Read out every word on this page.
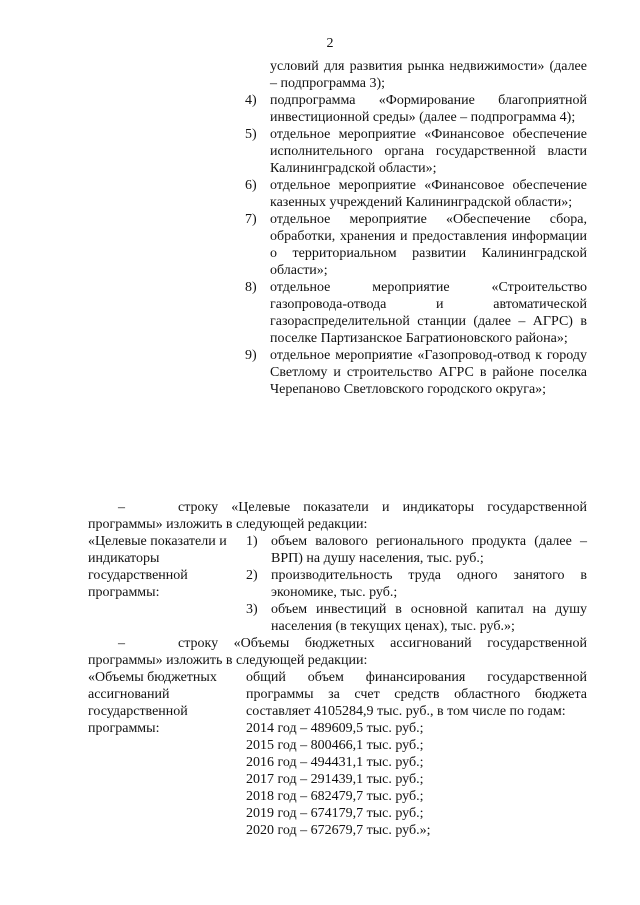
2
условий для развития рынка недвижимости» (далее – подпрограмма 3);
4) подпрограмма «Формирование благоприятной инвестиционной среды» (далее – подпрограмма 4);
5) отдельное мероприятие «Финансовое обеспечение исполнительного органа государственной власти Калининградской области»;
6) отдельное мероприятие «Финансовое обеспечение казенных учреждений Калининградской области»;
7) отдельное мероприятие «Обеспечение сбора, обработки, хранения и предоставления информации о территориальном развитии Калининградской области»;
8) отдельное мероприятие «Строительство газопровода-отвода и автоматической газораспределительной станции (далее – АГРС) в поселке Партизанское Багратионовского района»;
9) отдельное мероприятие «Газопровод-отвод к городу Светлому и строительство АГРС в районе поселка Черепаново Светловского городского округа»;
–	строку «Целевые показатели и индикаторы государственной программы» изложить в следующей редакции:
«Целевые показатели и индикаторы государственной программы:
1) объем валового регионального продукта (далее – ВРП) на душу населения, тыс. руб.;
2) производительность труда одного занятого в экономике, тыс. руб.;
3) объем инвестиций в основной капитал на душу населения (в текущих ценах), тыс. руб.»;
–	строку «Объемы бюджетных ассигнований государственной программы» изложить в следующей редакции:
«Объемы бюджетных ассигнований государственной программы:
общий объем финансирования государственной программы за счет средств областного бюджета составляет 4105284,9 тыс. руб., в том числе по годам:
2014 год – 489609,5 тыс. руб.;
2015 год – 800466,1 тыс. руб.;
2016 год – 494431,1 тыс. руб.;
2017 год – 291439,1 тыс. руб.;
2018 год – 682479,7 тыс. руб.;
2019 год – 674179,7 тыс. руб.;
2020 год – 672679,7 тыс. руб.»;
